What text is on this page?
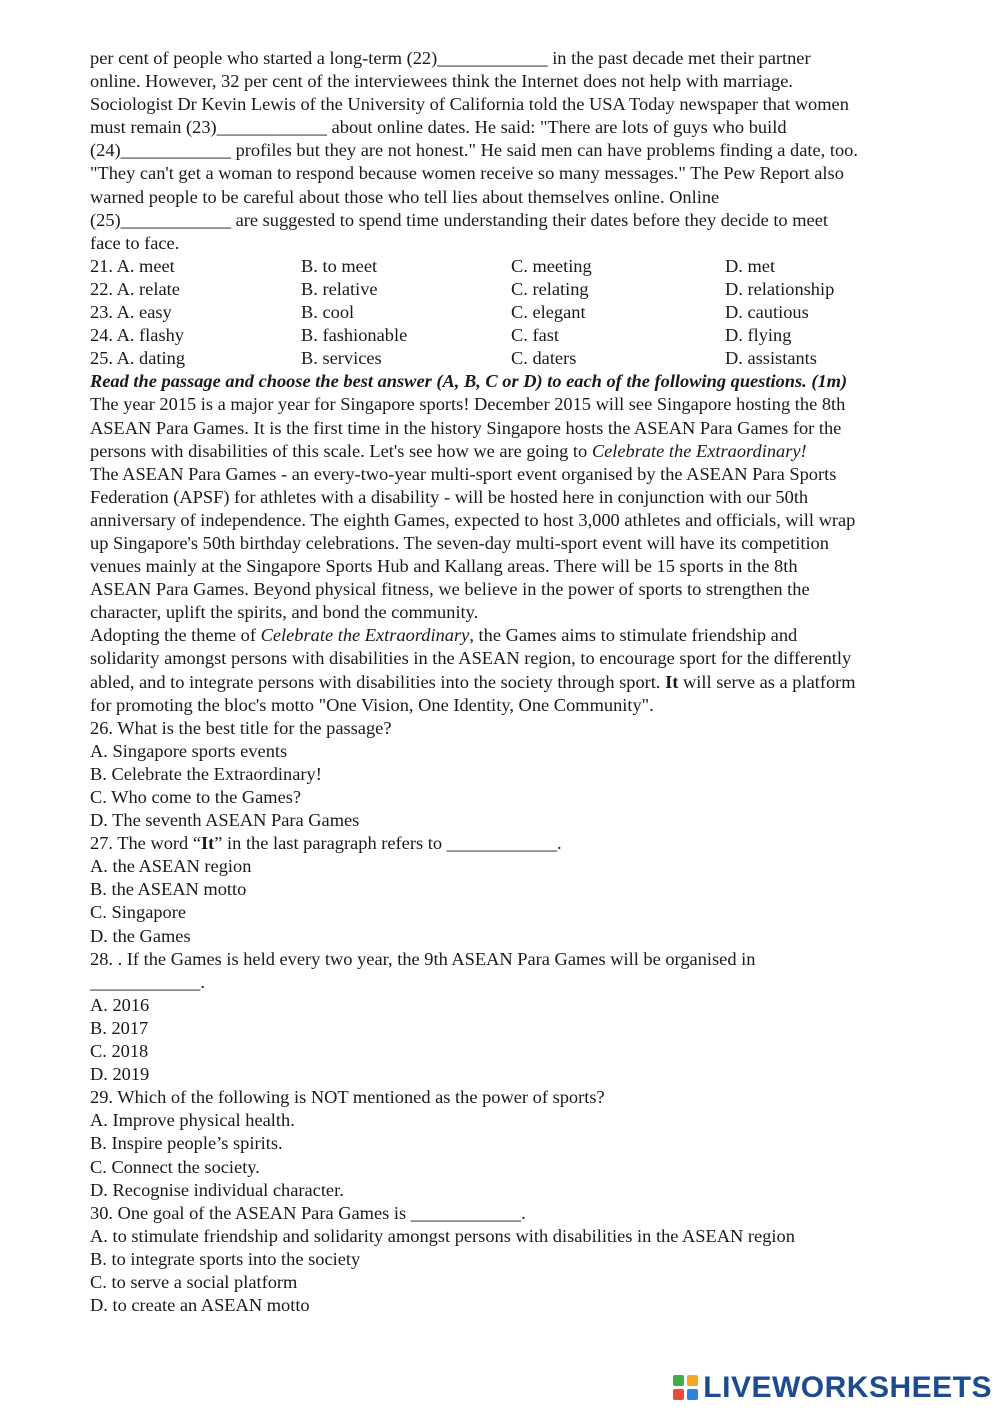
per cent of people who started a long-term (22)____________ in the past decade met their partner
online. However, 32 per cent of the interviewees think the Internet does not help with marriage.
Sociologist Dr Kevin Lewis of the University of California told the USA Today newspaper that women
must remain (23)____________ about online dates. He said: "There are lots of guys who build
(24)____________ profiles but they are not honest." He said men can have problems finding a date, too.
"They can't get a woman to respond because women receive so many messages." The Pew Report also
warned people to be careful about those who tell lies about themselves online. Online
(25)____________ are suggested to spend time understanding their dates before they decide to meet
face to face.
21. A. meet	B. to meet	C. meeting	D. met
22. A. relate	B. relative	C. relating	D. relationship
23. A. easy	B. cool	C. elegant	D. cautious
24. A. flashy	B. fashionable	C. fast	D. flying
25. A. dating	B. services	C. daters	D. assistants
Read the passage and choose the best answer (A, B, C or D) to each of the following questions. (1m)
The year 2015 is a major year for Singapore sports! December 2015 will see Singapore hosting the 8th
ASEAN Para Games. It is the first time in the history Singapore hosts the ASEAN Para Games for the
persons with disabilities of this scale. Let's see how we are going to Celebrate the Extraordinary!
The ASEAN Para Games - an every-two-year multi-sport event organised by the ASEAN Para Sports
Federation (APSF) for athletes with a disability - will be hosted here in conjunction with our 50th
anniversary of independence. The eighth Games, expected to host 3,000 athletes and officials, will wrap
up Singapore's 50th birthday celebrations. The seven-day multi-sport event will have its competition
venues mainly at the Singapore Sports Hub and Kallang areas. There will be 15 sports in the 8th
ASEAN Para Games. Beyond physical fitness, we believe in the power of sports to strengthen the
character, uplift the spirits, and bond the community.
Adopting the theme of Celebrate the Extraordinary, the Games aims to stimulate friendship and
solidarity amongst persons with disabilities in the ASEAN region, to encourage sport for the differently
abled, and to integrate persons with disabilities into the society through sport. It will serve as a platform
for promoting the bloc's motto "One Vision, One Identity, One Community".
26. What is the best title for the passage?
A. Singapore sports events
B. Celebrate the Extraordinary!
C. Who come to the Games?
D. The seventh ASEAN Para Games
27. The word “It” in the last paragraph refers to ____________.
A. the ASEAN region
B. the ASEAN motto
C. Singapore
D. the Games
28. . If the Games is held every two year, the 9th ASEAN Para Games will be organised in
____________.
A. 2016
B. 2017
C. 2018
D. 2019
29. Which of the following is NOT mentioned as the power of sports?
A. Improve physical health.
B. Inspire people’s spirits.
C. Connect the society.
D. Recognise individual character.
30. One goal of the ASEAN Para Games is ____________.
A. to stimulate friendship and solidarity amongst persons with disabilities in the ASEAN region
B. to integrate sports into the society
C. to serve a social platform
D. to create an ASEAN motto
LIVEWORKSHEETS
